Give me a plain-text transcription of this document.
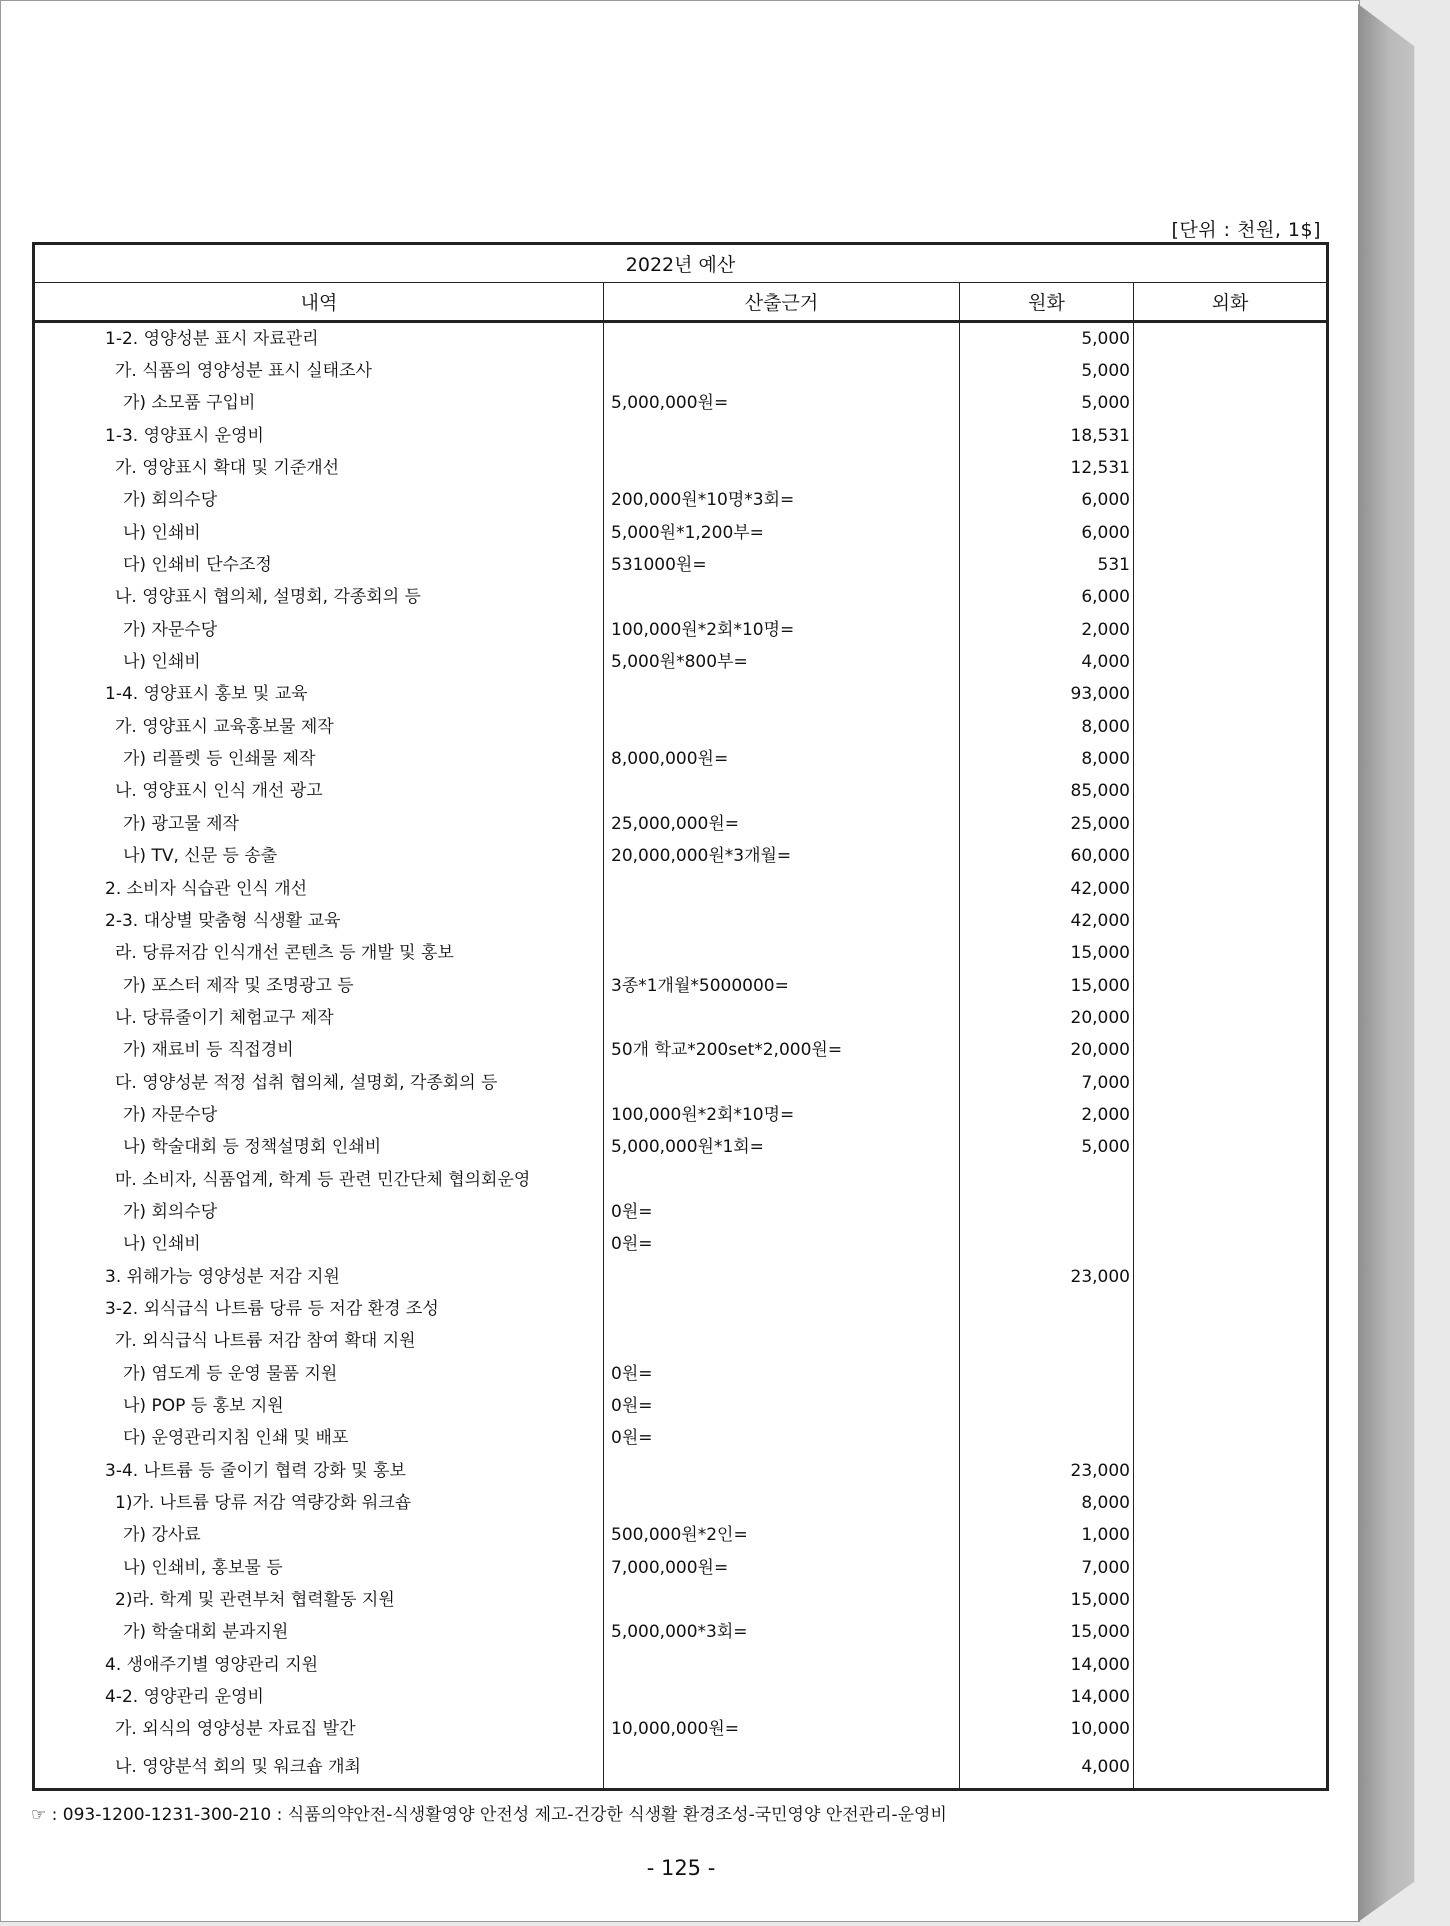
[단위 : 천원, 1$]
2022년 예산			
내역	산출근거	원화	외화
1-2. 영양성분 표시 자료관리		5,000	
가. 식품의 영양성분 표시 실태조사		5,000	
가) 소모품 구입비	5,000,000원=	5,000	
1-3. 영양표시 운영비		18,531	
가. 영양표시 확대 및 기준개선		12,531	
가) 회의수당	200,000원*10명*3회=	6,000	
나) 인쇄비	5,000원*1,200부=	6,000	
다) 인쇄비 단수조정	531000원=	531	
나. 영양표시 협의체, 설명회, 각종회의 등		6,000	
가) 자문수당	100,000원*2회*10명=	2,000	
나) 인쇄비	5,000원*800부=	4,000	
1-4. 영양표시 홍보 및 교육		93,000	
가. 영양표시 교육홍보물 제작		8,000	
가) 리플렛 등 인쇄물 제작	8,000,000원=	8,000	
나. 영양표시 인식 개선 광고		85,000	
가) 광고물 제작	25,000,000원=	25,000	
나) TV, 신문 등 송출	20,000,000원*3개월=	60,000	
2. 소비자 식습관 인식 개선		42,000	
2-3. 대상별 맞춤형 식생활 교육		42,000	
라. 당류저감 인식개선 콘텐츠 등 개발 및 홍보		15,000	
가) 포스터 제작 및 조명광고 등	3종*1개월*5000000=	15,000	
나. 당류줄이기 체험교구 제작		20,000	
가) 재료비 등 직접경비	50개 학교*200set*2,000원=	20,000	
다. 영양성분 적정 섭취 협의체, 설명회, 각종회의 등		7,000	
가) 자문수당	100,000원*2회*10명=	2,000	
나) 학술대회 등 정책설명회 인쇄비	5,000,000원*1회=	5,000	
마. 소비자, 식품업계, 학계 등 관련 민간단체 협의회운영			
가) 회의수당	0원=		
나) 인쇄비	0원=		
3. 위해가능 영양성분 저감 지원		23,000	
3-2. 외식급식 나트륨 당류 등 저감 환경 조성			
가. 외식급식 나트륨 저감 참여 확대 지원			
가) 염도계 등 운영 물품 지원	0원=		
나) POP 등 홍보 지원	0원=		
다) 운영관리지침 인쇄 및 배포	0원=		
3-4. 나트륨 등 줄이기 협력 강화 및 홍보		23,000	
1)가. 나트륨 당류 저감 역량강화 워크숍		8,000	
가) 강사료	500,000원*2인=	1,000	
나) 인쇄비, 홍보물 등	7,000,000원=	7,000	
2)라. 학계 및 관련부처 협력활동 지원		15,000	
가) 학술대회 분과지원	5,000,000*3회=	15,000	
4. 생애주기별 영양관리 지원		14,000	
4-2. 영양관리 운영비		14,000	
가. 외식의 영양성분 자료집 발간	10,000,000원=	10,000	
나. 영양분석 회의 및 워크숍 개최		4,000	
☞ : 093-1200-1231-300-210 : 식품의약안전-식생활영양 안전성 제고-건강한 식생활 환경조성-국민영양 안전관리-운영비
- 125 -
